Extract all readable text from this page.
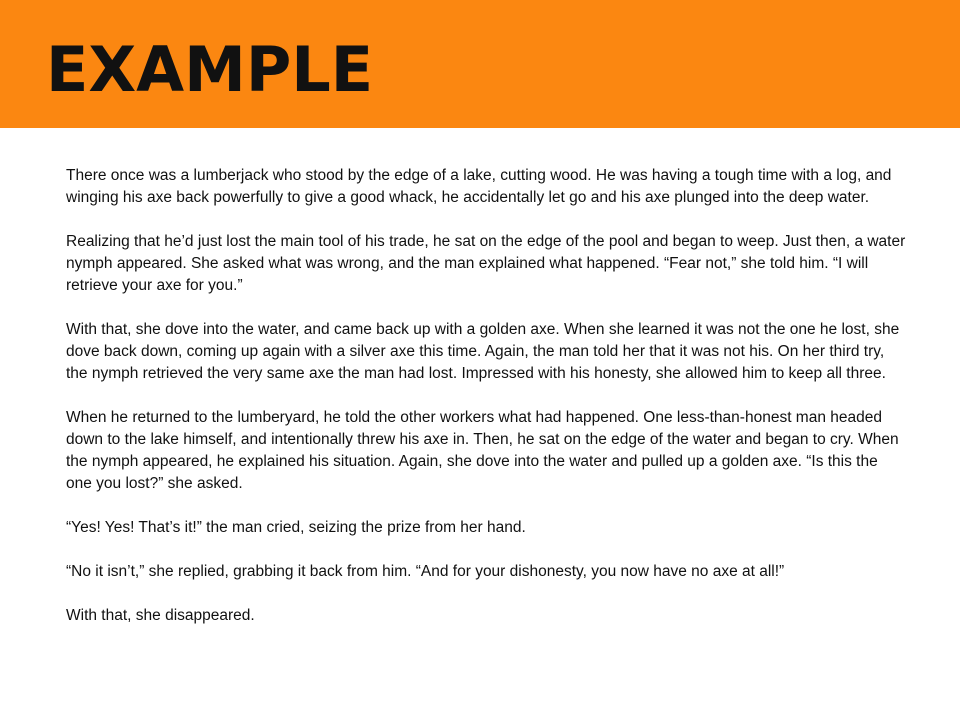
EXAMPLE

There once was a lumberjack who stood by the edge of a lake, cutting wood. He was having a tough time with a log, and winging his axe back powerfully to give a good whack, he accidentally let go and his axe plunged into the deep water.

Realizing that he’d just lost the main tool of his trade, he sat on the edge of the pool and began to weep. Just then, a water nymph appeared. She asked what was wrong, and the man explained what happened. “Fear not,” she told him. “I will retrieve your axe for you.”

With that, she dove into the water, and came back up with a golden axe. When she learned it was not the one he lost, she dove back down, coming up again with a silver axe this time. Again, the man told her that it was not his. On her third try, the nymph retrieved the very same axe the man had lost. Impressed with his honesty, she allowed him to keep all three.

When he returned to the lumberyard, he told the other workers what had happened. One less-than-honest man headed down to the lake himself, and intentionally threw his axe in. Then, he sat on the edge of the water and began to cry. When the nymph appeared, he explained his situation. Again, she dove into the water and pulled up a golden axe. “Is this the one you lost?” she asked.

“Yes! Yes! That’s it!” the man cried, seizing the prize from her hand.

“No it isn’t,” she replied, grabbing it back from him. “And for your dishonesty, you now have no axe at all!”

With that, she disappeared.
